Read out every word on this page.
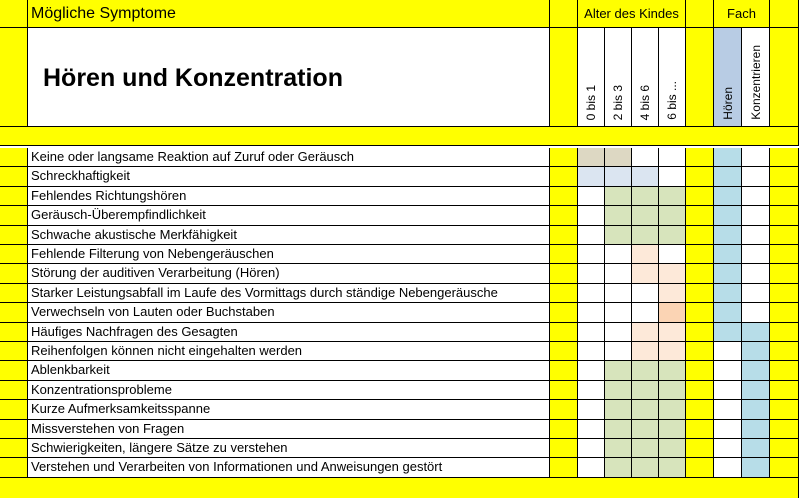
Mögliche Symptome
Hören und Konzentration
Alter des Kindes	Fach
0 bis 1 2 bis 3 4 bis 6 6 bis ...	Hören Konzentrieren
Keine oder langsame Reaktion auf Zuruf oder Geräusch
Schreckhaftigkeit
Fehlendes Richtungshören
Geräusch-Überempfindlichkeit
Schwache akustische Merkfähigkeit
Fehlende Filterung von Nebengeräuschen
Störung der auditiven Verarbeitung (Hören)
Starker Leistungsabfall im Laufe des Vormittags durch ständige Nebengeräusche
Verwechseln von Lauten oder Buchstaben
Häufiges Nachfragen des Gesagten
Reihenfolgen können nicht eingehalten werden
Ablenkbarkeit
Konzentrationsprobleme
Kurze Aufmerksamkeitsspanne
Missverstehen von Fragen
Schwierigkeiten, längere Sätze zu verstehen
Verstehen und Verarbeiten von Informationen und Anweisungen gestört
